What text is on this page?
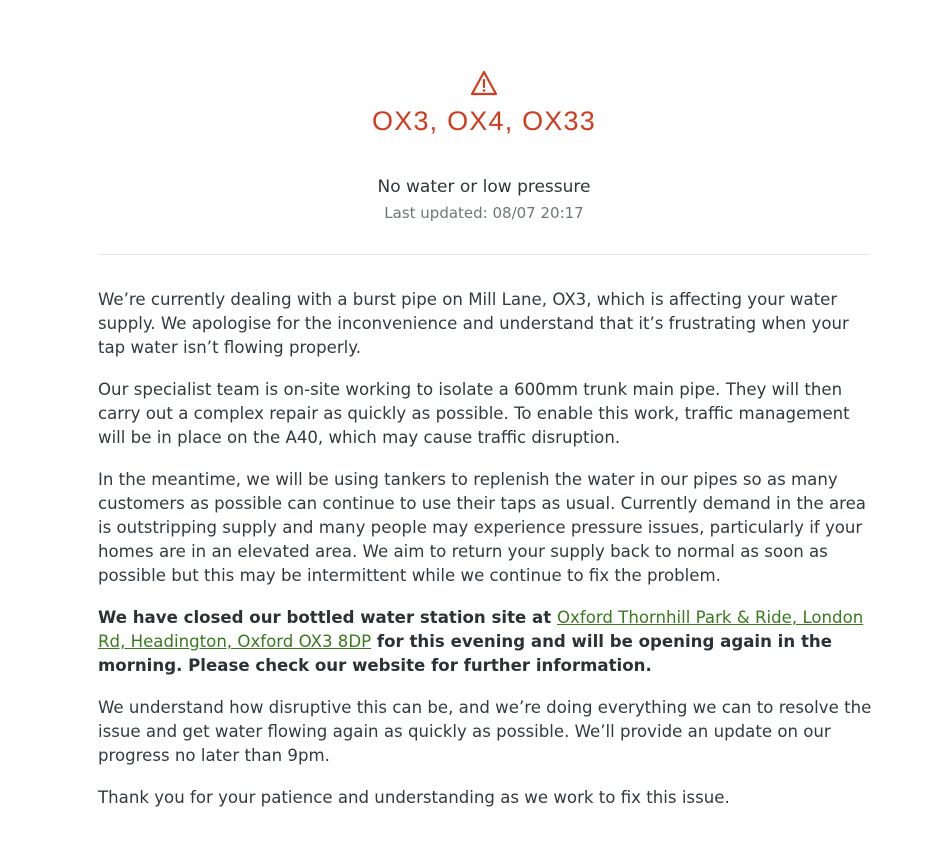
OX3, OX4, OX33
No water or low pressure
Last updated: 08/07 20:17

We’re currently dealing with a burst pipe on Mill Lane, OX3, which is affecting your water supply. We apologise for the inconvenience and understand that it’s frustrating when your tap water isn’t flowing properly.

Our specialist team is on-site working to isolate a 600mm trunk main pipe. They will then carry out a complex repair as quickly as possible. To enable this work, traffic management will be in place on the A40, which may cause traffic disruption.

In the meantime, we will be using tankers to replenish the water in our pipes so as many customers as possible can continue to use their taps as usual. Currently demand in the area is outstripping supply and many people may experience pressure issues, particularly if your homes are in an elevated area. We aim to return your supply back to normal as soon as possible but this may be intermittent while we continue to fix the problem.

We have closed our bottled water station site at Oxford Thornhill Park & Ride, London Rd, Headington, Oxford OX3 8DP for this evening and will be opening again in the morning. Please check our website for further information.

We understand how disruptive this can be, and we’re doing everything we can to resolve the issue and get water flowing again as quickly as possible. We’ll provide an update on our progress no later than 9pm.

Thank you for your patience and understanding as we work to fix this issue.
